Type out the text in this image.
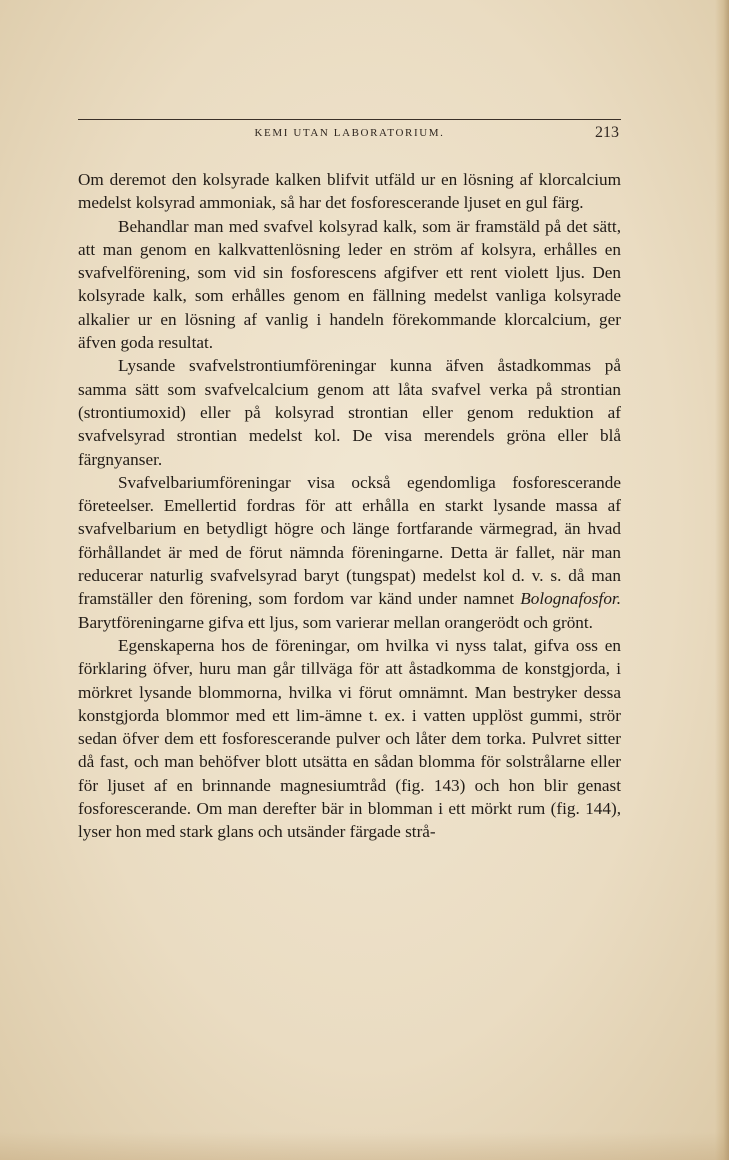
KEMI UTAN LABORATORIUM.	213

Om deremot den kolsyrade kalken blifvit utfäld ur en lösning af klorcalcium medelst kolsyrad ammoniak, så har det fosforescerande ljuset en gul färg.

Behandlar man med svafvel kolsyrad kalk, som är framstäld på det sätt, att man genom en kalkvattenlösning leder en ström af kolsyra, erhålles en svafvelförening, som vid sin fosforescens afgifver ett rent violett ljus. Den kolsyrade kalk, som erhålles genom en fällning medelst vanliga kolsyrade alkalier ur en lösning af vanlig i handeln förekommande klorcalcium, ger äfven goda resultat.

Lysande svafvelstrontiumföreningar kunna äfven åstadkommas på samma sätt som svafvelcalcium genom att låta svafvel verka på strontian (strontiumoxid) eller på kolsyrad strontian eller genom reduktion af svafvelsyrad strontian medelst kol. De visa merendels gröna eller blå färgnyanser.

Svafvelbariumföreningar visa också egendomliga fosforescerande företeelser. Emellertid fordras för att erhålla en starkt lysande massa af svafvelbarium en betydligt högre och länge fortfarande värmegrad, än hvad förhållandet är med de förut nämnda föreningarne. Detta är fallet, när man reducerar naturlig svafvelsyrad baryt (tungspat) medelst kol d. v. s. då man framställer den förening, som fordom var känd under namnet Bolognafosfor. Barytföreningarne gifva ett ljus, som varierar mellan orangerödt och grönt.

Egenskaperna hos de föreningar, om hvilka vi nyss talat, gifva oss en förklaring öfver, huru man går tillväga för att åstadkomma de konstgjorda, i mörkret lysande blommorna, hvilka vi förut omnämnt. Man bestryker dessa konstgjorda blommor med ett lim-ämne t. ex. i vatten upplöst gummi, strör sedan öfver dem ett fosforescerande pulver och låter dem torka. Pulvret sitter då fast, och man behöfver blott utsätta en sådan blomma för solstrålarne eller för ljuset af en brinnande magnesiumtråd (fig. 143) och hon blir genast fosforescerande. Om man derefter bär in blomman i ett mörkt rum (fig. 144), lyser hon med stark glans och utsänder färgade strå-
